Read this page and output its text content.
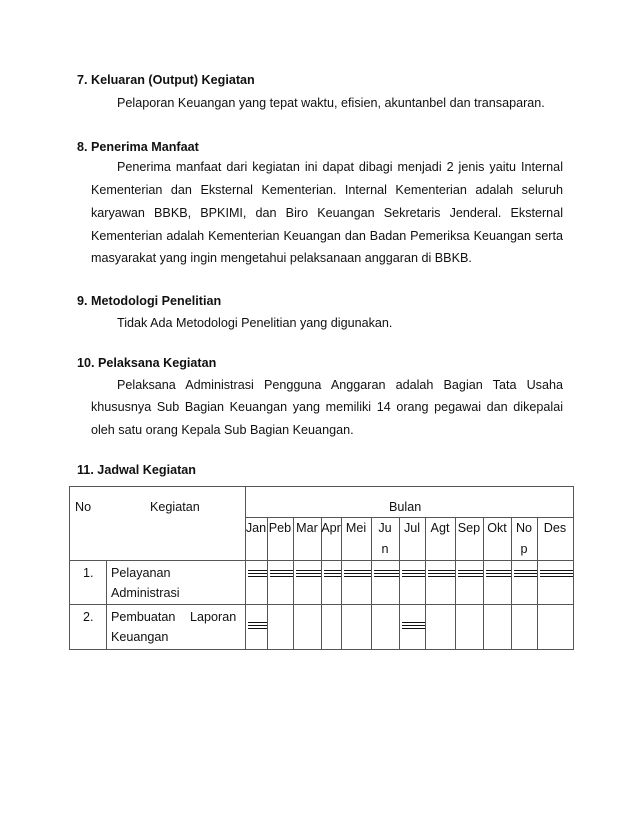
7. Keluaran (Output) Kegiatan
Pelaporan Keuangan yang tepat waktu, efisien, akuntanbel dan transaparan.
8. Penerima Manfaat
Penerima manfaat dari kegiatan ini dapat dibagi menjadi 2 jenis yaitu Internal
Kementerian dan Eksternal Kementerian. Internal Kementerian adalah seluruh
karyawan BBKB, BPKIMI, dan Biro Keuangan Sekretaris Jenderal. Eksternal
Kementerian adalah Kementerian Keuangan dan Badan Pemeriksa Keuangan serta
masyarakat yang ingin mengetahui pelaksanaan anggaran di BBKB.
9. Metodologi Penelitian
Tidak Ada Metodologi Penelitian yang digunakan.
10. Pelaksana Kegiatan
Pelaksana Administrasi Pengguna Anggaran adalah Bagian Tata Usaha
khususnya Sub Bagian Keuangan yang memiliki 14 orang pegawai dan dikepalai
oleh satu orang Kepala Sub Bagian Keuangan.
11. Jadwal Kegiatan
No	Kegiatan	Bulan
1. Pelayanan
Administrasi
2. Pembuatan Laporan
Keuangan
Jan Peb Mar Apr Mei Ju
n
Jul Agt Sep Okt No
p
Des
